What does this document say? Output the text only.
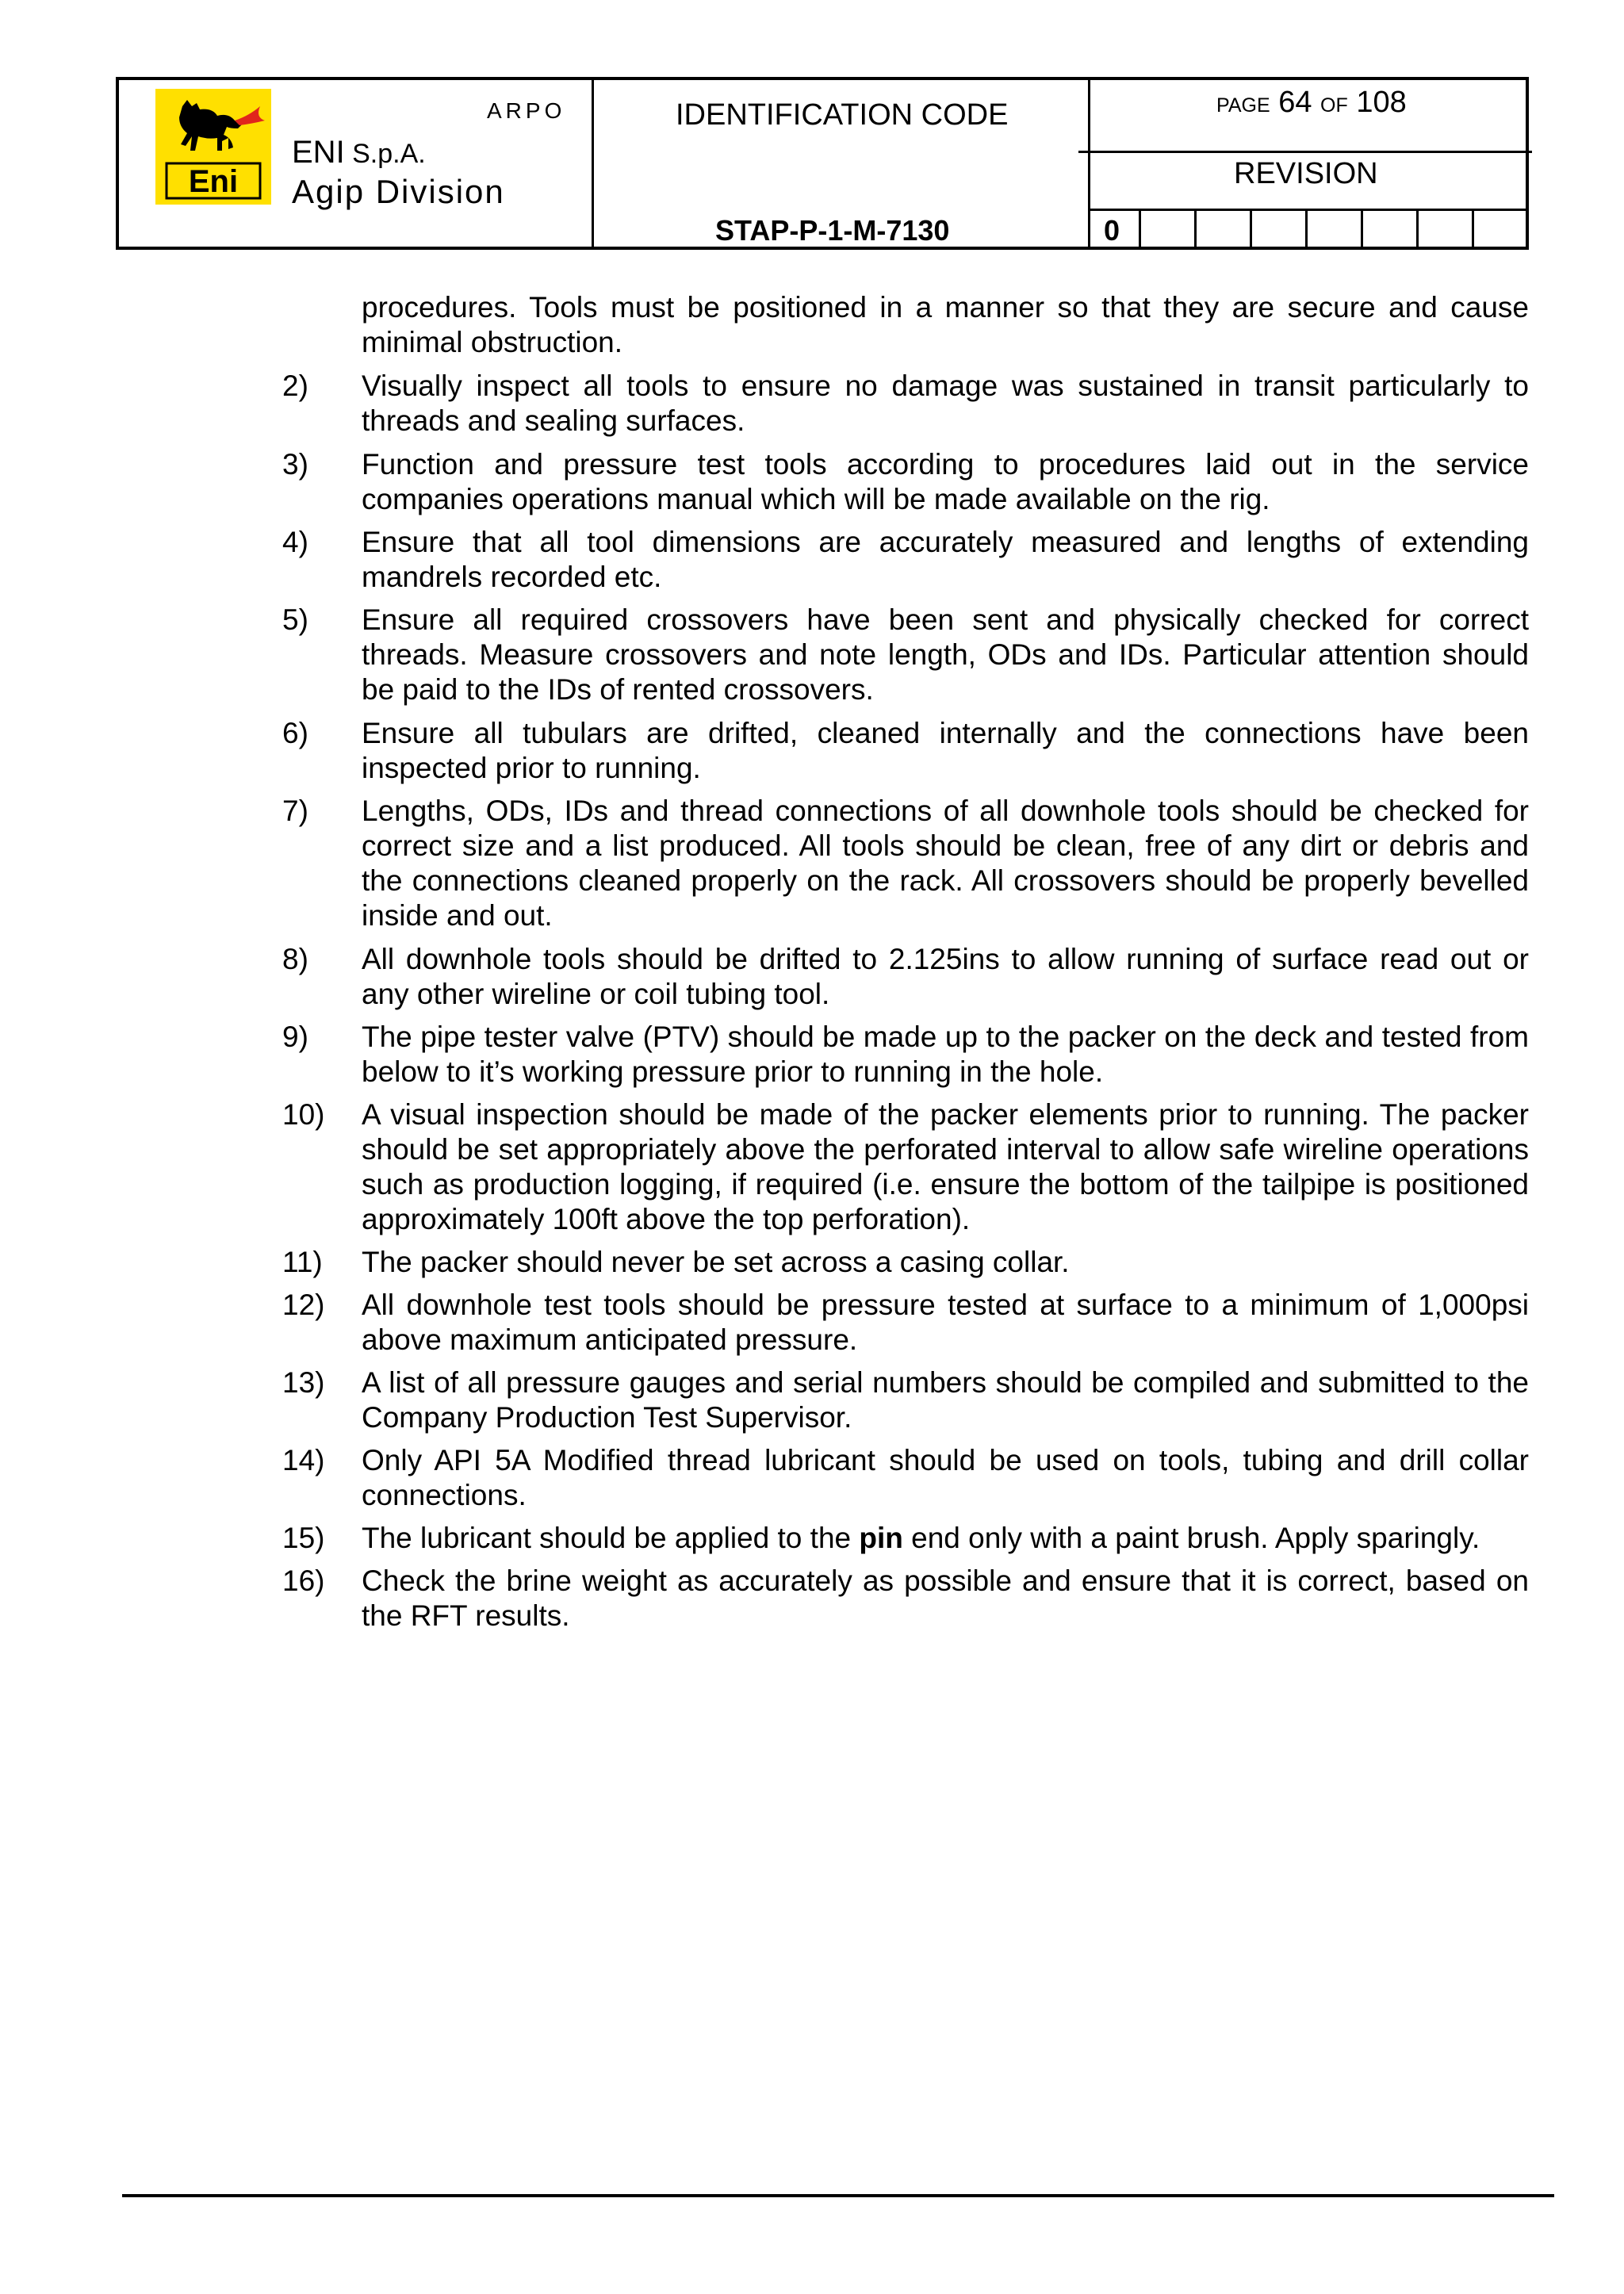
Eni
ARPO
ENI S.p.A.
Agip Division
IDENTIFICATION CODE
STAP-P-1-M-7130
PAGE 64 OF 108
REVISION
0
procedures. Tools must be positioned in a manner so that they are secure and cause minimal obstruction.
2)	Visually inspect all tools to ensure no damage was sustained in transit particularly to threads and sealing surfaces.
3)	Function and pressure test tools according to procedures laid out in the service companies operations manual which will be made available on the rig.
4)	Ensure that all tool dimensions are accurately measured and lengths of extending mandrels recorded etc.
5)	Ensure all required crossovers have been sent and physically checked for correct threads. Measure crossovers and note length, ODs and IDs. Particular attention should be paid to the IDs of rented crossovers.
6)	Ensure all tubulars are drifted, cleaned internally and the connections have been inspected prior to running.
7)	Lengths, ODs, IDs and thread connections of all downhole tools should be checked for correct size and a list produced. All tools should be clean, free of any dirt or debris and the connections cleaned properly on the rack. All crossovers should be properly bevelled inside and out.
8)	All downhole tools should be drifted to 2.125ins to allow running of surface read out or any other wireline or coil tubing tool.
9)	The pipe tester valve (PTV) should be made up to the packer on the deck and tested from below to it’s working pressure prior to running in the hole.
10)	A visual inspection should be made of the packer elements prior to running. The packer should be set appropriately above the perforated interval to allow safe wireline operations such as production logging, if required (i.e. ensure the bottom of the tailpipe is positioned approximately 100ft above the top perforation).
11)	The packer should never be set across a casing collar.
12)	All downhole test tools should be pressure tested at surface to a minimum of 1,000psi above maximum anticipated pressure.
13)	A list of all pressure gauges and serial numbers should be compiled and submitted to the Company Production Test Supervisor.
14)	Only API 5A Modified thread lubricant should be used on tools, tubing and drill collar connections.
15)	The lubricant should be applied to the pin end only with a paint brush. Apply sparingly.
16)	Check the brine weight as accurately as possible and ensure that it is correct, based on the RFT results.
